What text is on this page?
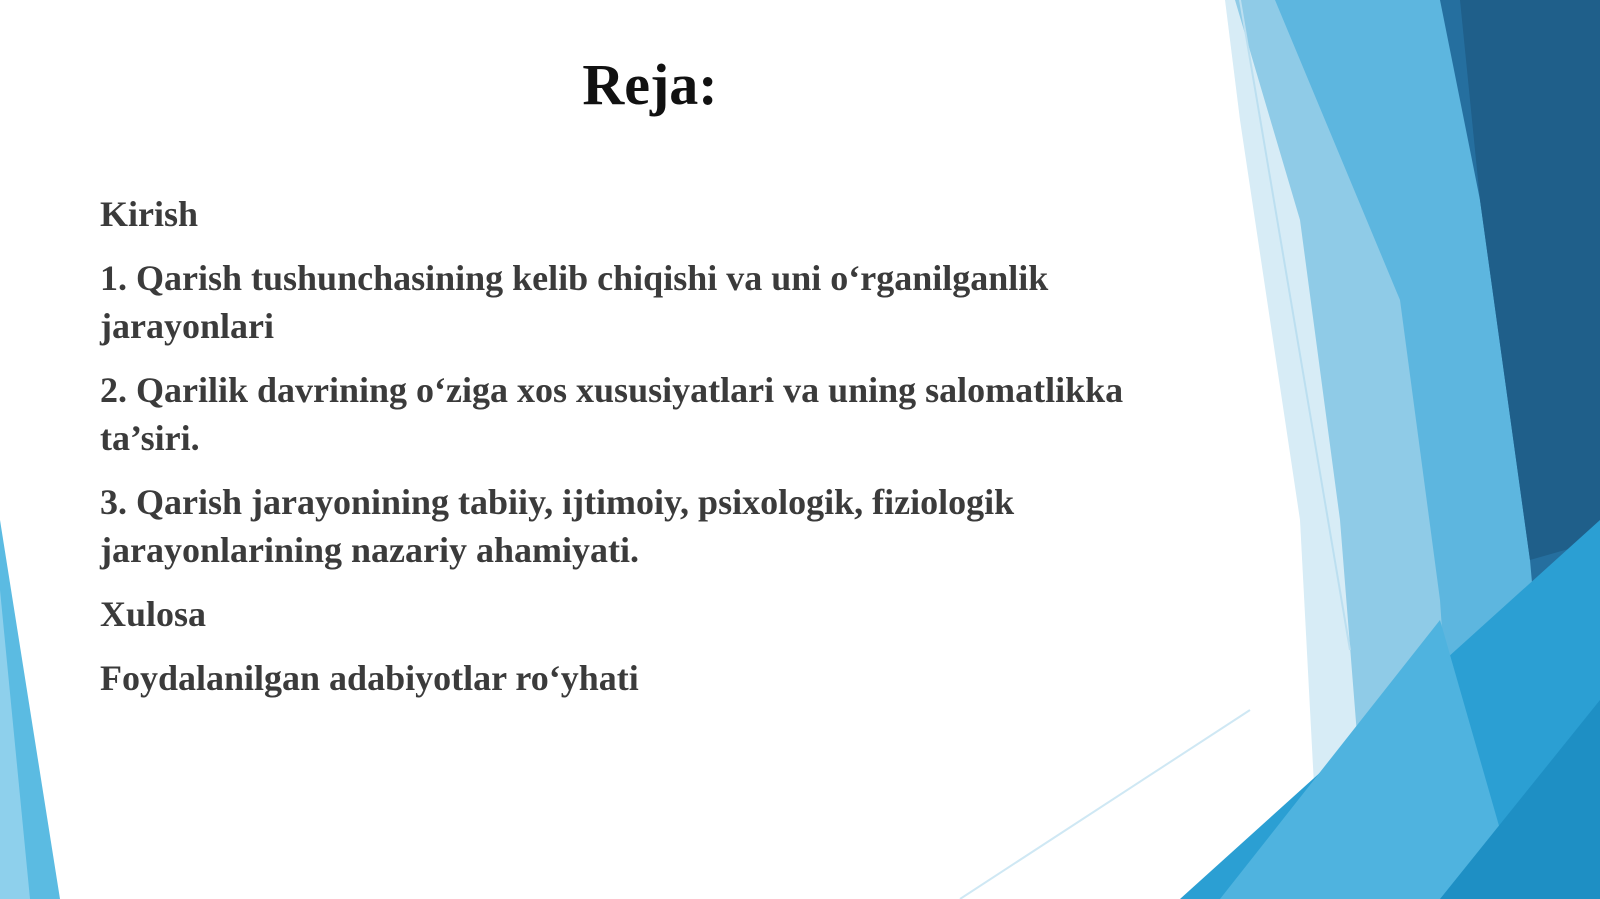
Reja:
Kirish
1. Qarish tushunchasining kelib chiqishi va uni o‘rganilganlik jarayonlari
2. Qarilik davrining o‘ziga xos xususiyatlari va uning salomatlikka ta’siri.
3. Qarish jarayonining tabiiy, ijtimoiy, psixologik, fiziologik jarayonlarining nazariy ahamiyati.
Xulosa
Foydalanilgan adabiyotlar ro‘yhati
